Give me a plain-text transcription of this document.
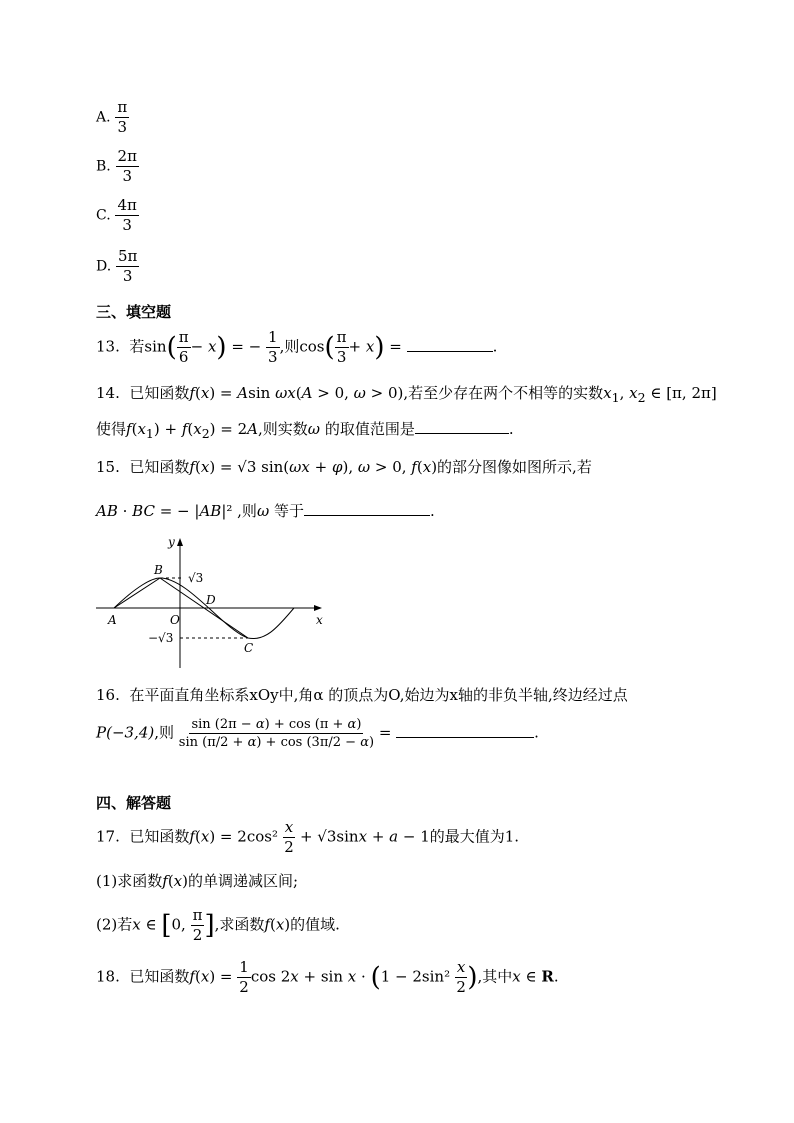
A. $\frac{\pi}{3}$
B. $\frac{2\pi}{3}$
C. $\frac{4\pi}{3}$
D. $\frac{5\pi}{3}$
三、填空题
13. 若$\sin( \frac{\pi}{6} - x)$ = − $\frac{1}{3}$ ,则$\cos( \frac{\pi}{3} + x)$ =	.
14. 已知函数f(x) = Asin ωx(A > 0, ω > 0),若至少存在两个不相等的实数$x_1$, $x_2$ ∈ [π, 2π]
使得$f(x_1) + f(x_2) = 2A$,则实数ω 的取值范围是	.
15. 已知函数f(x) = √3 sin(ωx + φ), ω > 0, f(x)的部分图像如图所示,若
AB · BC = − |AB|² ,则ω 等于	.
y
x
B
D
A	O
C
√3
−√3
16. 在平面直角坐标系xOy中,角α 的顶点为O,始边为x轴的非负半轴,终边经过点
P(−3,4),则 $\frac{\sin (2\pi - \alpha) + \cos (\pi + \alpha)}{\sin (\pi/2 + \alpha) + \cos (3\pi/2 - \alpha)}$ =	.
四、解答题
17. 已知函数$f(x) = 2\cos^2 \frac{x}{2} + √3\sin x + a - 1$的最大值为1.
(1)求函数f(x)的单调递减区间;
(2)若x ∈ [0, $\frac{\pi}{2}$ ],求函数f(x)的值域.
18. 已知函数$f(x) = \frac{1}{2}$ $\cos 2x + \sin x \cdot (1 - 2\sin^2 \frac{x}{2}$ ),其中x ∈ R.
